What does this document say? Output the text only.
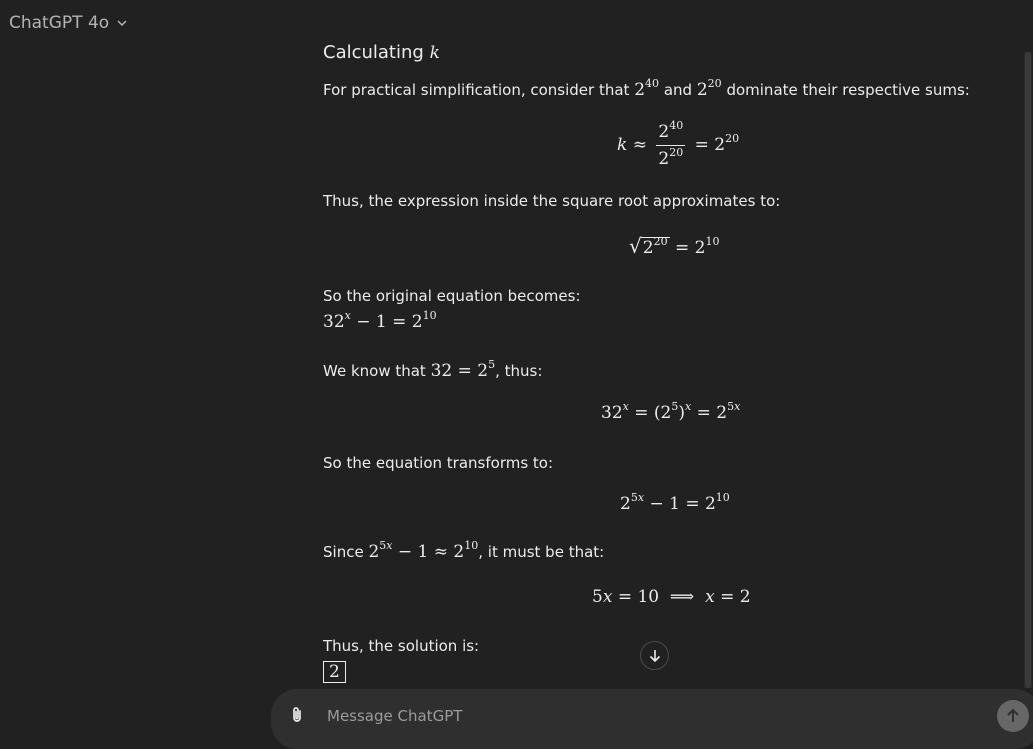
ChatGPT 4o
Calculating k
For practical simplification, consider that $2^{40}$ and $2^{20}$ dominate their respective sums:
$k \approx \frac{2^{40}}{2^{20}} = 2^{20}$
Thus, the expression inside the square root approximates to:
√ $2^{20} = 2^{10}$
So the original equation becomes:
$32^x - 1 = 2^{10}$
We know that $32 = 2^5$, thus:
$32^x = (2^5)^x = 2^{5x}$
So the equation transforms to:
$2^{5x} - 1 = 2^{10}$
Since $2^{5x} - 1 \approx 2^{10}$, it must be that:
5x = 10  ⟹  x = 2
Thus, the solution is:
2
Message ChatGPT
